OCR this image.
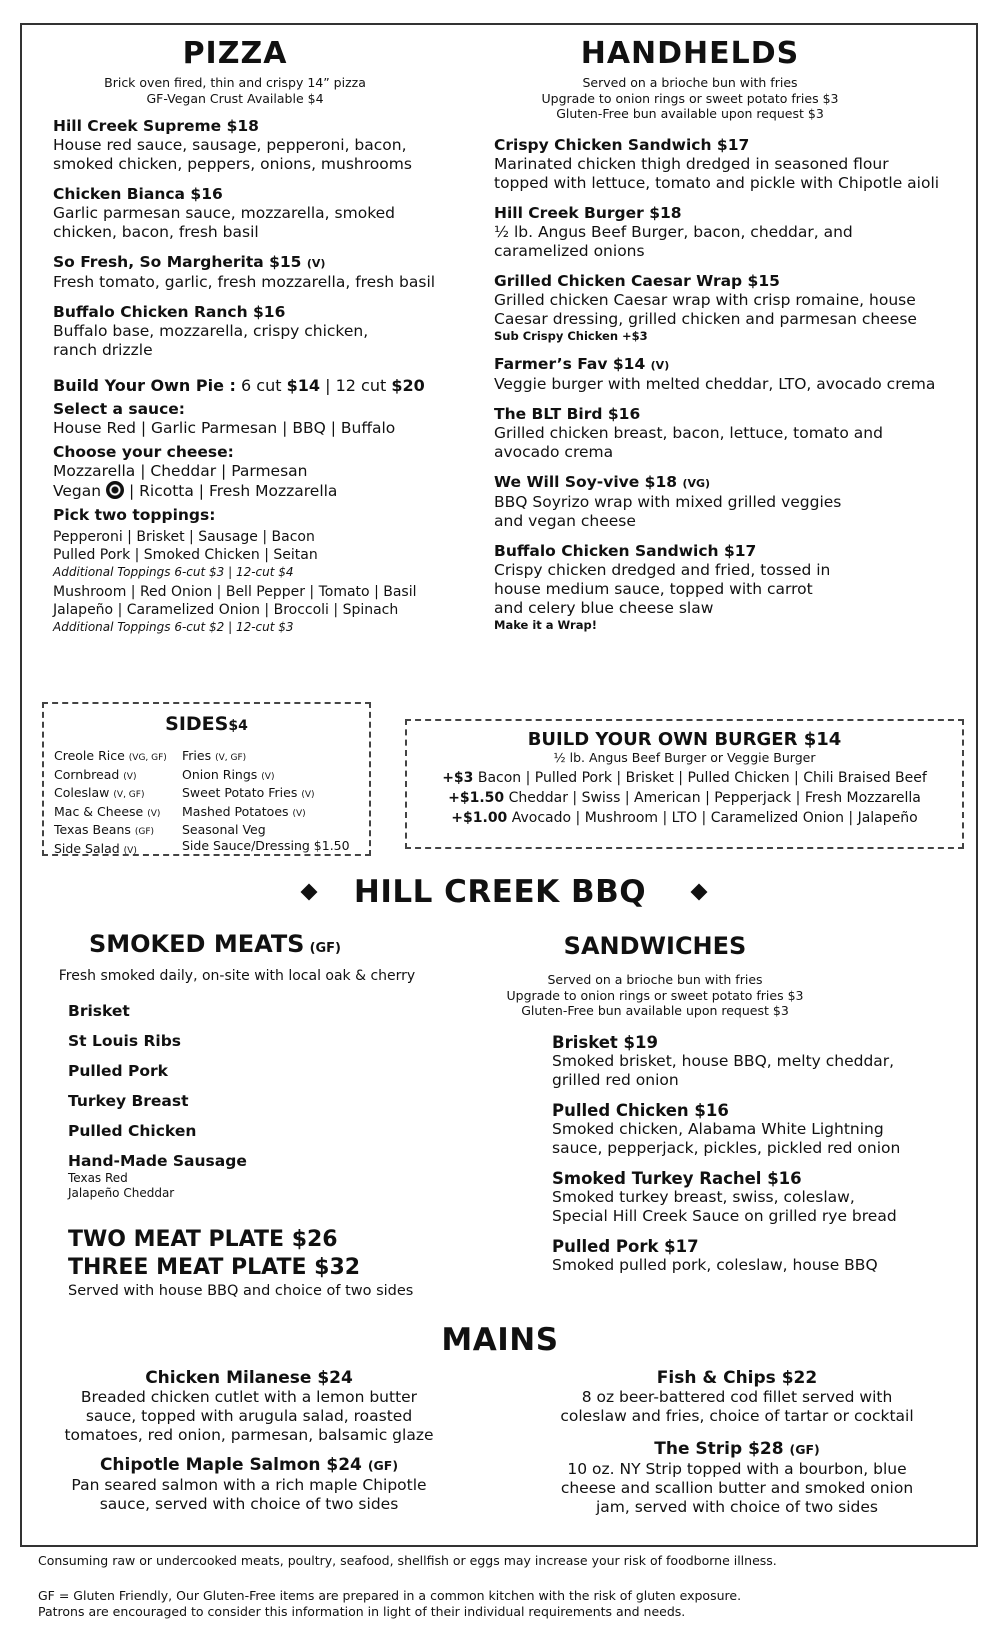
PIZZA
Brick oven fired, thin and crispy 14” pizza
GF-Vegan Crust Available $4
Hill Creek Supreme $18
House red sauce, sausage, pepperoni, bacon,
smoked chicken, peppers, onions, mushrooms
Chicken Bianca $16
Garlic parmesan sauce, mozzarella, smoked
chicken, bacon, fresh basil
So Fresh, So Margherita $15 (V)
Fresh tomato, garlic, fresh mozzarella, fresh basil
Buffalo Chicken Ranch $16
Buffalo base, mozzarella, crispy chicken,
ranch drizzle
Build Your Own Pie : 6 cut $14 | 12 cut $20
Select a sauce:
House Red | Garlic Parmesan | BBQ | Buffalo
Choose your cheese:
Mozzarella | Cheddar | Parmesan
Vegan | Ricotta | Fresh Mozzarella
Pick two toppings:
Pepperoni | Brisket | Sausage | Bacon
Pulled Pork | Smoked Chicken | Seitan
Additional Toppings 6-cut $3 | 12-cut $4
Mushroom | Red Onion | Bell Pepper | Tomato | Basil
Jalapeño | Caramelized Onion | Broccoli | Spinach
Additional Toppings 6-cut $2 | 12-cut $3
HANDHELDS
Served on a brioche bun with fries
Upgrade to onion rings or sweet potato fries $3
Gluten-Free bun available upon request $3
Crispy Chicken Sandwich $17
Marinated chicken thigh dredged in seasoned flour
topped with lettuce, tomato and pickle with Chipotle aioli
Hill Creek Burger $18
½ lb. Angus Beef Burger, bacon, cheddar, and
caramelized onions
Grilled Chicken Caesar Wrap $15
Grilled chicken Caesar wrap with crisp romaine, house
Caesar dressing, grilled chicken and parmesan cheese
Sub Crispy Chicken +$3
Farmer’s Fav $14 (V)
Veggie burger with melted cheddar, LTO, avocado crema
The BLT Bird $16
Grilled chicken breast, bacon, lettuce, tomato and
avocado crema
We Will Soy-vive $18 (VG)
BBQ Soyrizo wrap with mixed grilled veggies
and vegan cheese
Buffalo Chicken Sandwich $17
Crispy chicken dredged and fried, tossed in
house medium sauce, topped with carrot
and celery blue cheese slaw
Make it a Wrap!
SIDES$4
Creole Rice (VG, GF)
Cornbread (V)
Coleslaw (V, GF)
Mac & Cheese (V)
Texas Beans (GF)
Side Salad (V)
Fries (V, GF)
Onion Rings (V)
Sweet Potato Fries (V)
Mashed Potatoes (V)
Seasonal Veg
Side Sauce/Dressing $1.50
BUILD YOUR OWN BURGER $14
½ lb. Angus Beef Burger or Veggie Burger
+$3 Bacon | Pulled Pork | Brisket | Pulled Chicken | Chili Braised Beef
+$1.50 Cheddar | Swiss | American | Pepperjack | Fresh Mozzarella
+$1.00 Avocado | Mushroom | LTO | Caramelized Onion | Jalapeño
HILL CREEK BBQ
SMOKED MEATS (GF)
Fresh smoked daily, on-site with local oak & cherry
Brisket
St Louis Ribs
Pulled Pork
Turkey Breast
Pulled Chicken
Hand-Made Sausage
Texas Red
Jalapeño Cheddar
TWO MEAT PLATE $26
THREE MEAT PLATE $32
Served with house BBQ and choice of two sides
SANDWICHES
Served on a brioche bun with fries
Upgrade to onion rings or sweet potato fries $3
Gluten-Free bun available upon request $3
Brisket $19
Smoked brisket, house BBQ, melty cheddar,
grilled red onion
Pulled Chicken $16
Smoked chicken, Alabama White Lightning
sauce, pepperjack, pickles, pickled red onion
Smoked Turkey Rachel $16
Smoked turkey breast, swiss, coleslaw,
Special Hill Creek Sauce on grilled rye bread
Pulled Pork $17
Smoked pulled pork, coleslaw, house BBQ
MAINS
Chicken Milanese $24
Breaded chicken cutlet with a lemon butter
sauce, topped with arugula salad, roasted
tomatoes, red onion, parmesan, balsamic glaze
Chipotle Maple Salmon $24 (GF)
Pan seared salmon with a rich maple Chipotle
sauce, served with choice of two sides
Fish & Chips $22
8 oz beer-battered cod fillet served with
coleslaw and fries, choice of tartar or cocktail
The Strip $28 (GF)
10 oz. NY Strip topped with a bourbon, blue
cheese and scallion butter and smoked onion
jam, served with choice of two sides
Consuming raw or undercooked meats, poultry, seafood, shellfish or eggs may increase your risk of foodborne illness.
GF = Gluten Friendly, Our Gluten-Free items are prepared in a common kitchen with the risk of gluten exposure.
Patrons are encouraged to consider this information in light of their individual requirements and needs.
